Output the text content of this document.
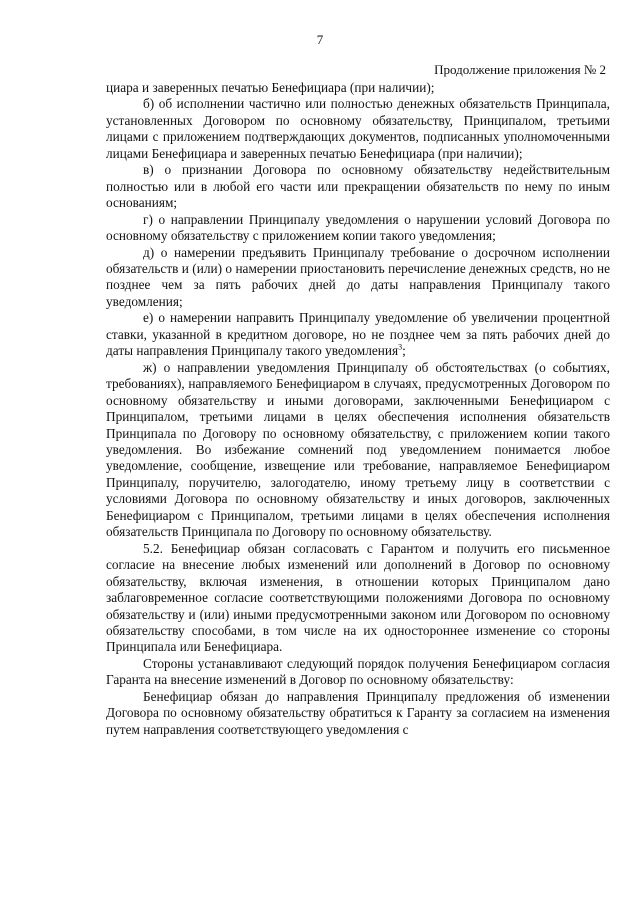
7
Продолжение приложения № 2

циара и заверенных печатью Бенефициара (при наличии);

б) об исполнении частично или полностью денежных обязательств Принципала, установленных Договором по основному обязательству, Принципалом, третьими лицами с приложением подтверждающих документов, подписанных уполномоченными лицами Бенефициара и заверенных печатью Бенефициара (при наличии);

в) о признании Договора по основному обязательству недействительным полностью или в любой его части или прекращении обязательств по нему по иным основаниям;

г) о направлении Принципалу уведомления о нарушении условий Договора по основному обязательству с приложением копии такого уведомления;

д) о намерении предъявить Принципалу требование о досрочном исполнении обязательств и (или) о намерении приостановить перечисление денежных средств, но не позднее чем за пять рабочих дней до даты направления Принципалу такого уведомления;

е) о намерении направить Принципалу уведомление об увеличении процентной ставки, указанной в кредитном договоре, но не позднее чем за пять рабочих дней до даты направления Принципалу такого уведомления$^3$;

ж) о направлении уведомления Принципалу об обстоятельствах (о событиях, требованиях), направляемого Бенефициаром в случаях, предусмотренных Договором по основному обязательству и иными договорами, заключенными Бенефициаром с Принципалом, третьими лицами в целях обеспечения исполнения обязательств Принципала по Договору по основному обязательству, с приложением копии такого уведомления. Во избежание сомнений под уведомлением понимается любое уведомление, сообщение, извещение или требование, направляемое Бенефициаром Принципалу, поручителю, залогодателю, иному третьему лицу в соответствии с условиями Договора по основному обязательству и иных договоров, заключенных Бенефициаром с Принципалом, третьими лицами в целях обеспечения исполнения обязательств Принципала по Договору по основному обязательству.

5.2. Бенефициар обязан согласовать с Гарантом и получить его письменное согласие на внесение любых изменений или дополнений в Договор по основному обязательству, включая изменения, в отношении которых Принципалом дано заблаговременное согласие соответствующими положениями Договора по основному обязательству и (или) иными предусмотренными законом или Договором по основному обязательству способами, в том числе на их одностороннее изменение со стороны Принципала или Бенефициара.

Стороны устанавливают следующий порядок получения Бенефициаром согласия Гаранта на внесение изменений в Договор по основному обязательству:

Бенефициар обязан до направления Принципалу предложения об изменении Договора по основному обязательству обратиться к Гаранту за согласием на изменения путем направления соответствующего уведомления с
